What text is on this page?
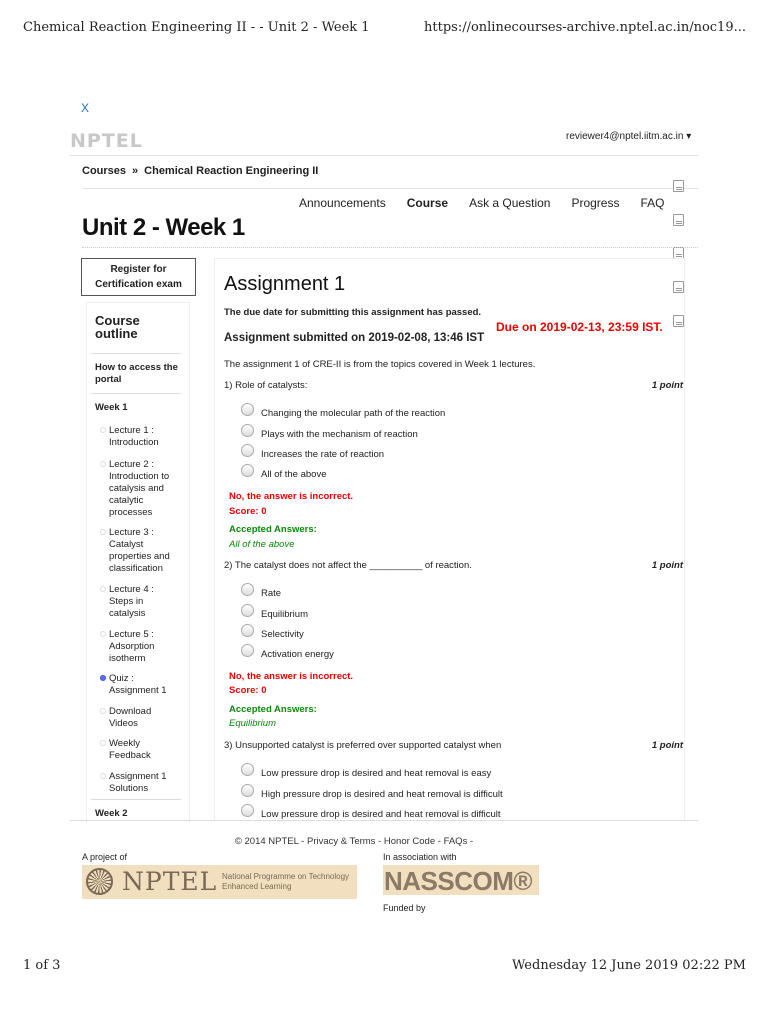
Chemical Reaction Engineering II - - Unit 2 - Week 1	https://onlinecourses-archive.nptel.ac.in/noc19...
1 of 3	Wednesday 12 June 2019 02:22 PM
X
NPTEL	reviewer4@nptel.iitm.ac.in ▾
Courses » Chemical Reaction Engineering II
Announcements Course Ask a Question Progress FAQ
Unit 2 - Week 1
Register for Certification exam
Course outline
How to access the portal
Week 1
Lecture 1 : Introduction
Lecture 2 : Introduction to catalysis and catalytic processes
Lecture 3 : Catalyst properties and classification
Lecture 4 : Steps in catalysis
Lecture 5 : Adsorption isotherm
Quiz : Assignment 1
Download Videos
Weekly Feedback
Assignment 1 Solutions
Week 2
Assignment 1
The due date for submitting this assignment has passed.
Due on 2019-02-13, 23:59 IST.
Assignment submitted on 2019-02-08, 13:46 IST
The assignment 1 of CRE-II is from the topics covered in Week 1 lectures.
1) Role of catalysts:	1 point
Changing the molecular path of the reaction
Plays with the mechanism of reaction
Increases the rate of reaction
All of the above
No, the answer is incorrect.
Score: 0
Accepted Answers:
All of the above
2) The catalyst does not affect the __________ of reaction.	1 point
Rate
Equilibrium
Selectivity
Activation energy
No, the answer is incorrect.
Score: 0
Accepted Answers:
Equilibrium
3) Unsupported catalyst is preferred over supported catalyst when	1 point
Low pressure drop is desired and heat removal is easy
High pressure drop is desired and heat removal is difficult
Low pressure drop is desired and heat removal is difficult
© 2014 NPTEL - Privacy & Terms - Honor Code - FAQs -
A project of	In association with
NPTEL National Programme on Technology Enhanced Learning	NASSCOM®
Funded by
